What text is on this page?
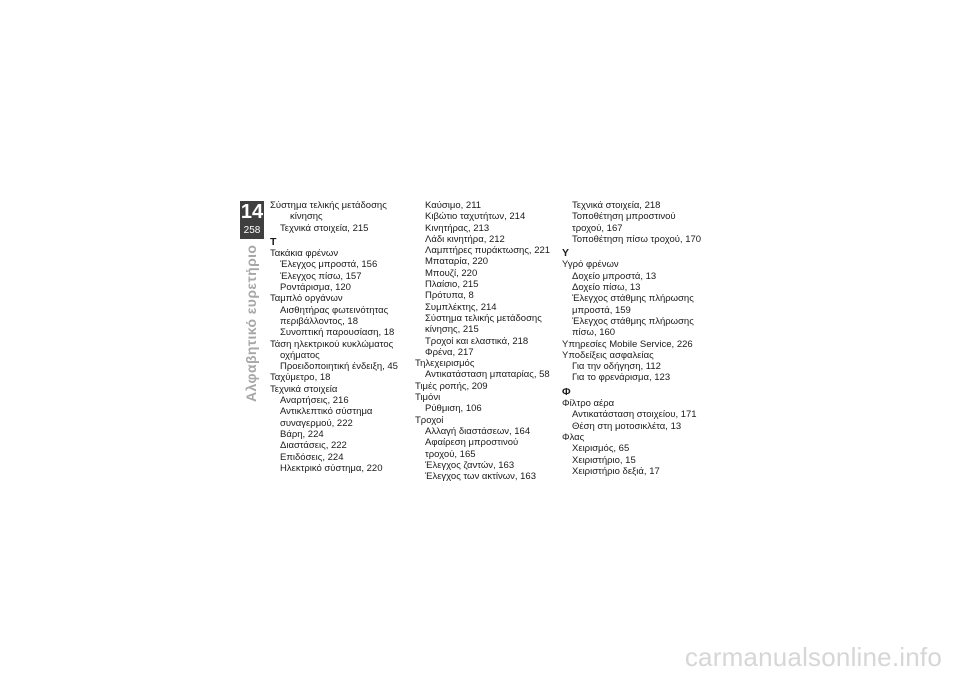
14
258
Αλφαβητικό ευρετήριο
Σύστημα τελικής μετάδοσης
κίνησης
Τεχνικά στοιχεία, 215
Τ
Τακάκια φρένων
Έλεγχος μπροστά, 156
Έλεγχος πίσω, 157
Ροντάρισμα, 120
Ταμπλό οργάνων
Αισθητήρας φωτεινότητας
περιβάλλοντος, 18
Συνοπτική παρουσίαση, 18
Τάση ηλεκτρικού κυκλώματος
οχήματος
Προειδοποιητική ένδειξη, 45
Ταχύμετρο, 18
Τεχνικά στοιχεία
Αναρτήσεις, 216
Αντικλεπτικό σύστημα
συναγερμού, 222
Βάρη, 224
Διαστάσεις, 222
Επιδόσεις, 224
Ηλεκτρικό σύστημα, 220
Καύσιμο, 211
Κιβώτιο ταχυτήτων, 214
Κινητήρας, 213
Λάδι κινητήρα, 212
Λαμπτήρες πυράκτωσης, 221
Μπαταρία, 220
Μπουζί, 220
Πλαίσιο, 215
Πρότυπα, 8
Συμπλέκτης, 214
Σύστημα τελικής μετάδοσης
κίνησης, 215
Τροχοί και ελαστικά, 218
Φρένα, 217
Τηλεχειρισμός
Αντικατάσταση μπαταρίας, 58
Τιμές ροπής, 209
Τιμόνι
Ρύθμιση, 106
Τροχοί
Αλλαγή διαστάσεων, 164
Αφαίρεση μπροστινού
τροχού, 165
Έλεγχος ζαντών, 163
Έλεγχος των ακτίνων, 163
Τεχνικά στοιχεία, 218
Τοποθέτηση μπροστινού
τροχού, 167
Τοποθέτηση πίσω τροχού, 170
Υ
Υγρό φρένων
Δοχείο μπροστά, 13
Δοχείο πίσω, 13
Έλεγχος στάθμης πλήρωσης
μπροστά, 159
Έλεγχος στάθμης πλήρωσης
πίσω, 160
Υπηρεσίες Mobile Service, 226
Υποδείξεις ασφαλείας
Για την οδήγηση, 112
Για το φρενάρισμα, 123
Φ
Φίλτρο αέρα
Αντικατάσταση στοιχείου, 171
Θέση στη μοτοσικλέτα, 13
Φλας
Χειρισμός, 65
Χειριστήριο, 15
Χειριστήριο δεξιά, 17
carmanualsonline.info
